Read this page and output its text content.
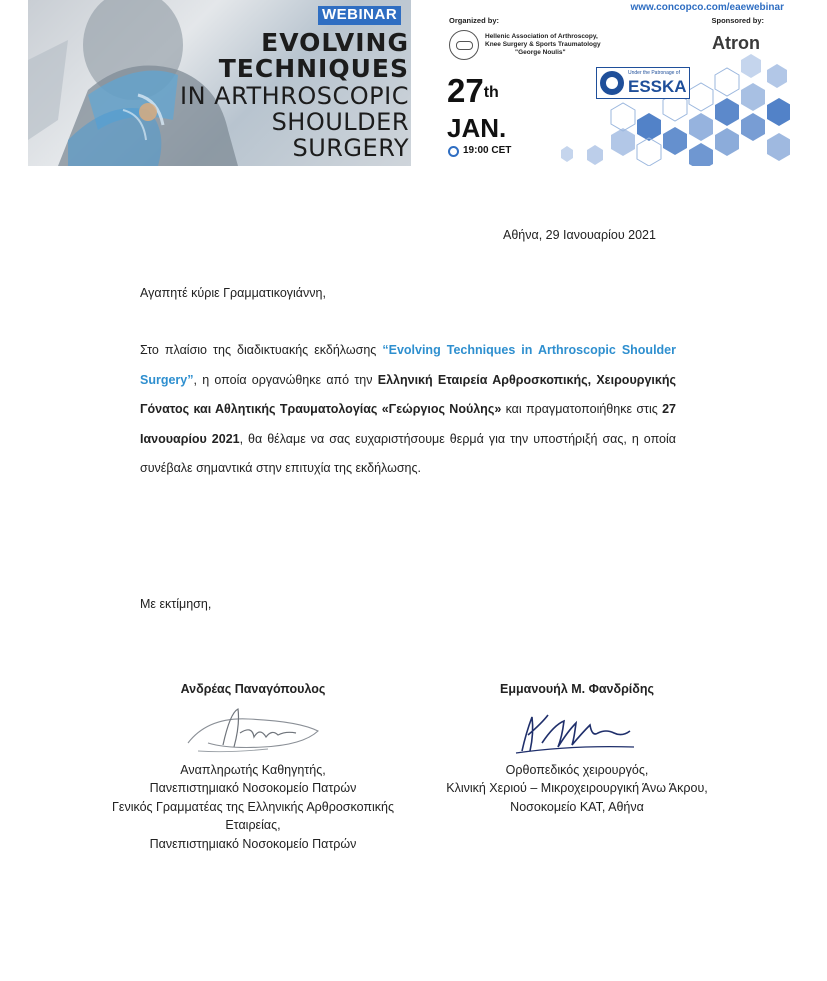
WEBINAR
EVOLVING
TECHNIQUES
IN ARTHROSCOPIC
SHOULDER
SURGERY
www.concopco.com/eaewebinar
Organized by:	Sponsored by:
Hellenic Association of Arthroscopy,
Knee Surgery & Sports Traumatology
"George Noulis"	Atron
27th
JAN.
19:00 CET
Under the Patronage of
ESSKA
Αθήνα, 29 Ιανουαρίου 2021
Αγαπητέ κύριε Γραμματικογιάννη,

Στο πλαίσιο της διαδικτυακής εκδήλωσης “Evolving Techniques in Arthroscopic Shoulder Surgery”, η οποία οργανώθηκε από την Ελληνική Εταιρεία Αρθροσκοπικής, Χειρουργικής Γόνατος και Αθλητικής Τραυματολογίας «Γεώργιος Νούλης» και πραγματοποιήθηκε στις 27 Ιανουαρίου 2021, θα θέλαμε να σας ευχαριστήσουμε θερμά για την υποστήριξή σας, η οποία συνέβαλε σημαντικά στην επιτυχία της εκδήλωσης.

Με εκτίμηση,
Ανδρέας Παναγόπουλος
Αναπληρωτής Καθηγητής,
Πανεπιστημιακό Νοσοκομείο Πατρών
Γενικός Γραμματέας της Ελληνικής Αρθροσκοπικής
Εταιρείας,
Πανεπιστημιακό Νοσοκομείο Πατρών
Εμμανουήλ Μ. Φανδρίδης
Ορθοπεδικός χειρουργός,
Κλινική Χεριού – Μικροχειρουργική Άνω Άκρου,
Νοσοκομείο ΚΑΤ, Αθήνα
